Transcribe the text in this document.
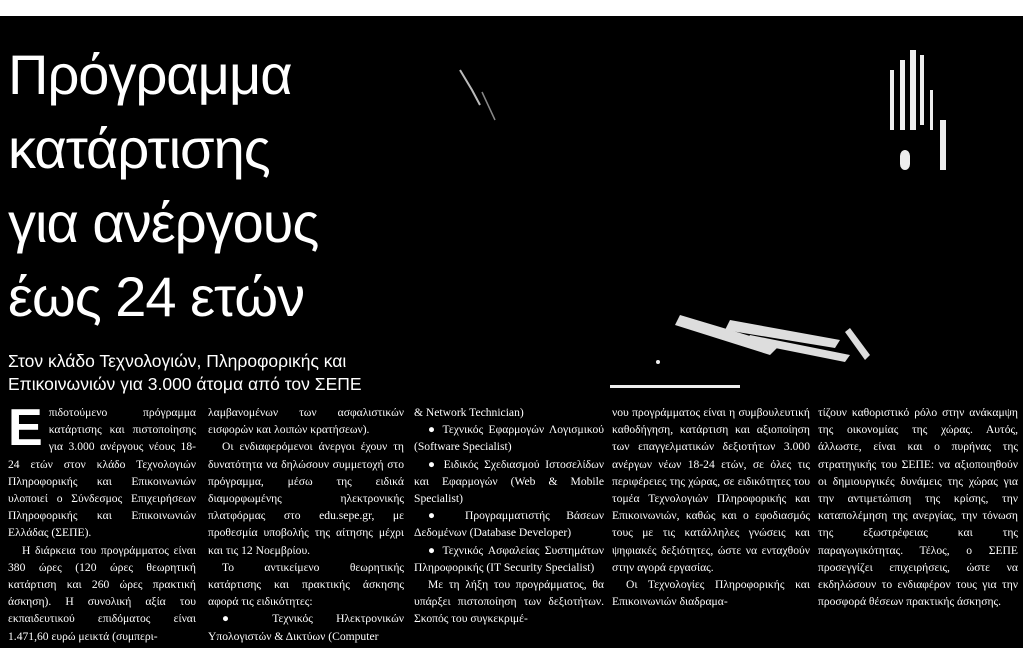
Πρόγραμμα
κατάρτισης
για ανέργους
έως 24 ετών
Στον κλάδο Τεχνολογιών, Πληροφορικής και
Επικοινωνιών για 3.000 άτομα από τον ΣΕΠΕ

Επιδοτούμενο πρόγραμμα κατάρτισης και πιστοποίησης για 3.000 ανέργους νέους 18-24 ετών στον κλάδο Τεχνολογιών Πληροφορικής και Επικοινωνιών υλοποιεί ο Σύνδεσμος Επιχειρήσεων Πληροφορικής και Επικοινωνιών Ελλάδας (ΣΕΠΕ).

Η διάρκεια του προγράμματος είναι 380 ώρες (120 ώρες θεωρητική κατάρτιση και 260 ώρες πρακτική άσκηση). Η συνολική αξία του εκπαιδευτικού επιδόματος είναι 1.471,60 ευρώ μεικτά (συμπερι-

λαμβανομένων των ασφαλιστικών εισφορών και λοιπών κρατήσεων).

Οι ενδιαφερόμενοι άνεργοι έχουν τη δυνατότητα να δηλώσουν συμμετοχή στο πρόγραμμα, μέσω της ειδικά διαμορφωμένης ηλεκτρονικής πλατφόρμας στο edu.sepe.gr, με προθεσμία υποβολής της αίτησης μέχρι και τις 12 Νοεμβρίου.

Το αντικείμενο θεωρητικής κατάρτισης και πρακτικής άσκησης αφορά τις ειδικότητες:

● Τεχνικός Ηλεκτρονικών Υπολογιστών & Δικτύων (Computer

& Network Technician)

● Τεχνικός Εφαρμογών Λογισμικού (Software Specialist)

● Ειδικός Σχεδιασμού Ιστοσελίδων και Εφαρμογών (Web & Mobile Specialist)

● Προγραμματιστής Βάσεων Δεδομένων (Database Developer)

● Τεχνικός Ασφαλείας Συστημάτων Πληροφορικής (IT Security Specialist)

Με τη λήξη του προγράμματος, θα υπάρξει πιστοποίηση των δεξιοτήτων. Σκοπός του συγκεκριμέ-

νου προγράμματος είναι η συμβουλευτική καθοδήγηση, κατάρτιση και αξιοποίηση των επαγγελματικών δεξιοτήτων 3.000 ανέργων νέων 18-24 ετών, σε όλες τις περιφέρειες της χώρας, σε ειδικότητες του τομέα Τεχνολογιών Πληροφορικής και Επικοινωνιών, καθώς και ο εφοδιασμός τους με τις κατάλληλες γνώσεις και ψηφιακές δεξιότητες, ώστε να ενταχθούν στην αγορά εργασίας.

Οι Τεχνολογίες Πληροφορικής και Επικοινωνιών διαδραμα-

τίζουν καθοριστικό ρόλο στην ανάκαμψη της οικονομίας της χώρας. Αυτός, άλλωστε, είναι και ο πυρήνας της στρατηγικής του ΣΕΠΕ: να αξιοποιηθούν οι δημιουργικές δυνάμεις της χώρας για την αντιμετώπιση της κρίσης, την καταπολέμηση της ανεργίας, την τόνωση της εξωστρέφειας και της παραγωγικότητας. Τέλος, ο ΣΕΠΕ προσεγγίζει επιχειρήσεις, ώστε να εκδηλώσουν το ενδιαφέρον τους για την προσφορά θέσεων πρακτικής άσκησης.
